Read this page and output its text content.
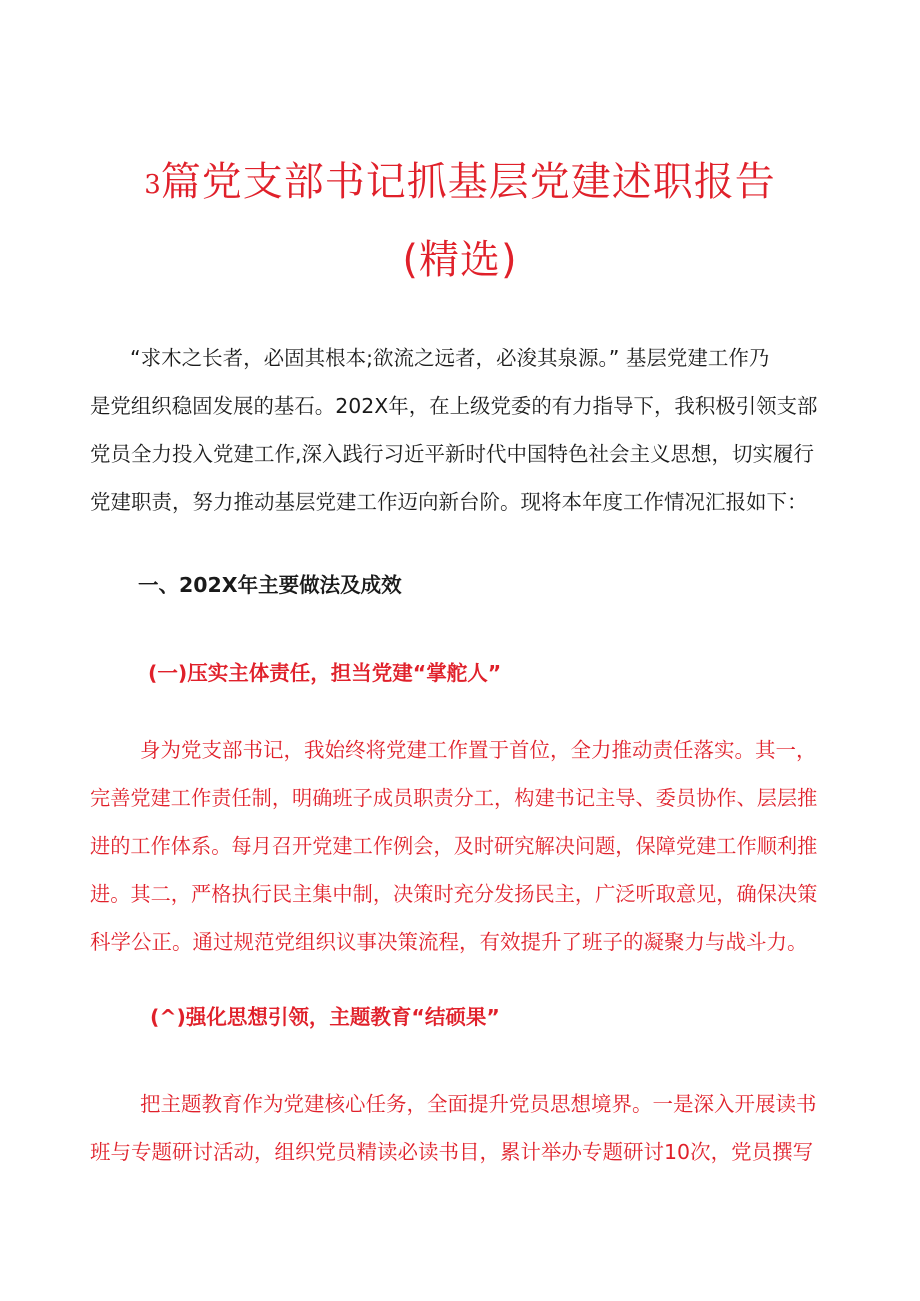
3篇党支部书记抓基层党建述职报告
(精选)
“求木之长者，必固其根本;欲流之远者，必浚其泉源。” 基层党建工作乃
是党组织稳固发展的基石。202X年，在上级党委的有力指导下，我积极引领支部
党员全力投入党建工作,深入践行习近平新时代中国特色社会主义思想，切实履行
党建职责，努力推动基层党建工作迈向新台阶。现将本年度工作情况汇报如下：
一、202X年主要做法及成效
(一)压实主体责任，担当党建“掌舵人”
身为党支部书记，我始终将党建工作置于首位，全力推动责任落实。其一，
完善党建工作责任制，明确班子成员职责分工，构建书记主导、委员协作、层层推
进的工作体系。每月召开党建工作例会，及时研究解决问题，保障党建工作顺利推
进。其二，严格执行民主集中制，决策时充分发扬民主，广泛听取意见，确保决策
科学公正。通过规范党组织议事决策流程，有效提升了班子的凝聚力与战斗力。
(^)强化思想引领，主题教育“结硕果”
把主题教育作为党建核心任务，全面提升党员思想境界。一是深入开展读书
班与专题研讨活动，组织党员精读必读书目，累计举办专题研讨10次，党员撰写
